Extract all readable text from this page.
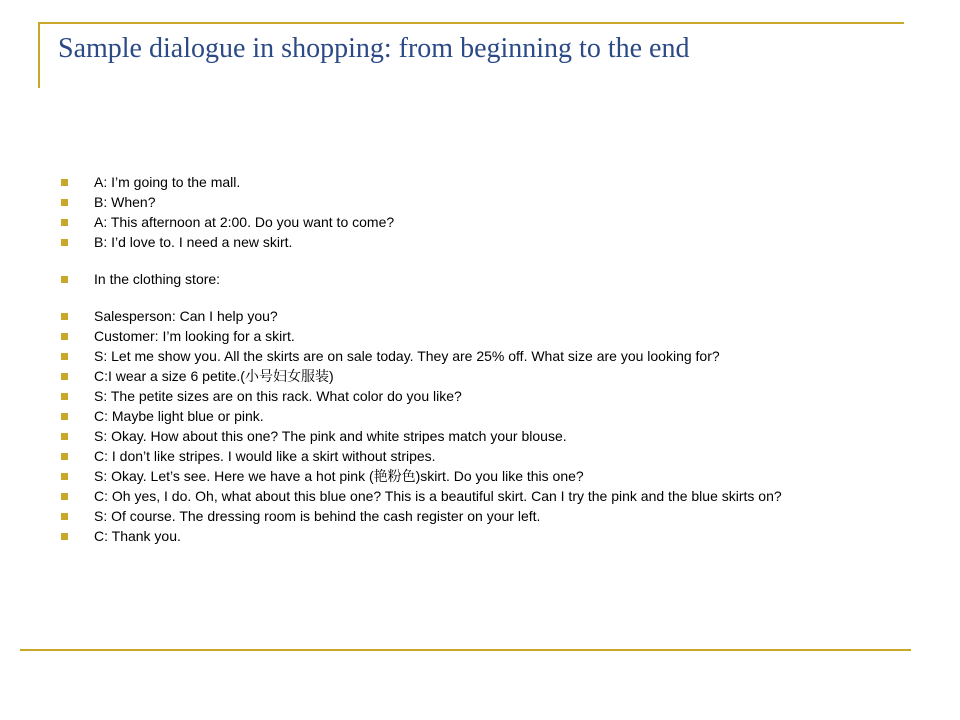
Sample dialogue in shopping: from beginning to the end
A: I’m going to the mall.
B: When?
A: This afternoon at 2:00. Do you want to come?
B: I’d love to. I need a new skirt.
In the clothing store:
Salesperson: Can I help you?
Customer: I’m looking for a skirt.
S: Let me show you. All the skirts are on sale today. They are 25% off. What size are you looking for?
C:I wear a size 6 petite.(小号妇女服装)
S: The petite sizes are on this rack. What color do you like?
C: Maybe light blue or pink.
S: Okay. How about this one? The pink and white stripes match your blouse.
C: I don’t like stripes. I would like a skirt without stripes.
S: Okay. Let’s see. Here we have a hot pink (艳粉色)skirt. Do you like this one?
C: Oh yes, I do. Oh, what about this blue one? This is a beautiful skirt. Can I try the pink and the blue skirts on?
S: Of course. The dressing room is behind the cash register on your left.
C: Thank you.
